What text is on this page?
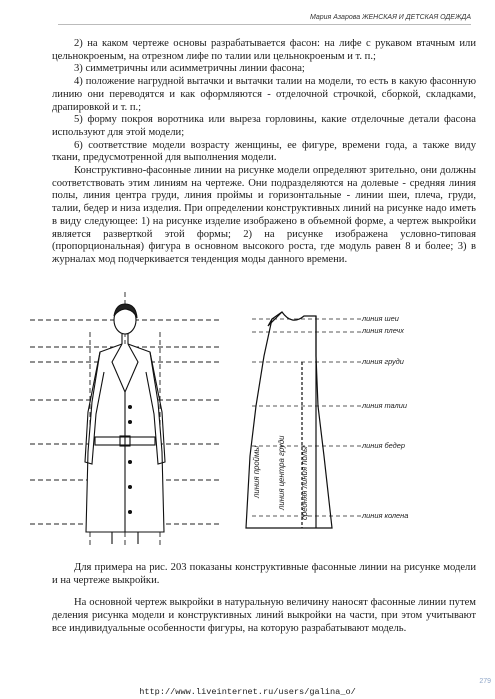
Мария Азарова ЖЕНСКАЯ И ДЕТСКАЯ ОДЕЖДА

2) на каком чертеже основы разрабатывается фасон: на лифе с рукавом втачным или цельнокроеным, на отрезном лифе по талии или цельнокроеным и т. п.;

3) симметричны или асимметричны линии фасона;

4) положение нагрудной вытачки и вытачки талии на модели, то есть в какую фасонную линию они переводятся и как оформляются - отделочной строчкой, сборкой, складками, драпировкой и т. п.;

5) форму покроя воротника или выреза горловины, какие отделочные детали фасона используют для этой модели;

6) соответствие модели возрасту женщины, ее фигуре, времени года, а также виду ткани, предусмотренной для выполнения модели.

Конструктивно-фасонные линии на рисунке модели определяют зрительно, они должны соответствовать этим линиям на чертеже. Они подразделяются на долевые - средняя линия полы, линия центра груди, линия проймы и горизонтальные - линии шеи, плеча, груди, талии, бедер и низа изделия. При определении конструктивных линий на рисунке надо иметь в виду следующее: 1) на рисунке изделие изображено в объемной форме, а чертеж выкройки является разверткой этой формы; 2) на рисунке изображена условно-типовая (пропорциональная) фигура в основном высокого роста, где модуль равен 8 и более; 3) в журналах мод подчеркивается тенденция моды данного времени.

линия шеи
линия плечх
линия груди
линия талии
линия бедер
линия колена
линия проймы линия центра груди средняя линия полы

Для примера на рис. 203 показаны конструктивные фасонные линии на рисунке модели и на чертеже выкройки.

На основной чертеж выкройки в натуральную величину наносят фасонные линии путем деления рисунка модели и конструктивных линий выкройки на части, при этом учитывают все индивидуальные особенности фигуры, на которую разрабатывают модель.

279
http://www.liveinternet.ru/users/galina_o/
